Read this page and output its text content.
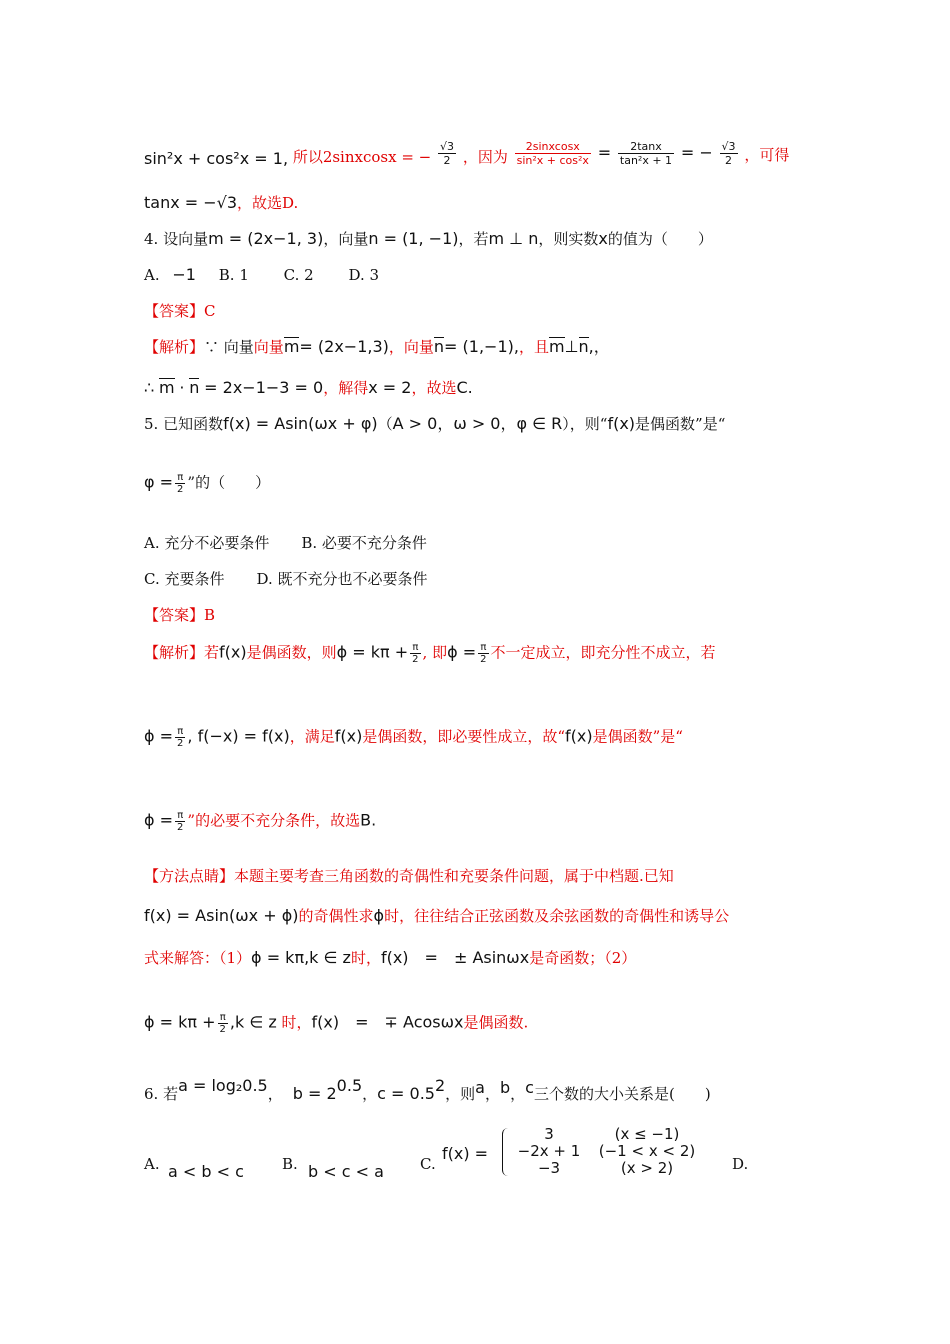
sin²x + cos²x = 1, 所以2sinxcosx = − $\frac{√3}{2}$ ，因为 $\frac{\text{2sinxcosx}}{\text{sin²x + cos²x}} = \frac{2\tan x}{\text{tan²x + 1}}$ = − $\frac{√3}{2}$ ，可得
tanx = −√3，故选D.
4. 设向量m = (2x−1, 3)，向量n = (1, −1)，若m ⊥ n，则实数x的值为（　　）
A. −1 B. 1 C. 2 D. 3
【答案】C
【解析】∵ 向量向量m= (2x−1,3)，向量n= (1,−1),，且m⊥n,，
∴ m · n = 2x−1−3 = 0，解得x = 2，故选C.
5. 已知函数f(x) = Asin(ωx + φ)（A > 0，ω > 0，φ ∈ R），则“f(x)是偶函数”是“
$\varphi = \frac{\pi}{2}$ ”的（　　）
A. 充分不必要条件 B. 必要不充分条件
C. 充要条件 D. 既不充分也不必要条件
【答案】B
【解析】若f(x)是偶函数，则$\phi = k\pi + \frac{\pi}{2}$ , 即$\phi = \frac{\pi}{2}$ 不一定成立，即充分性不成立，若
$\phi = \frac{\pi}{2}$ , f(−x) = f(x)，满足f(x)是偶函数，即必要性成立，故“f(x)是偶函数”是“
$\phi = \frac{\pi}{2}$ ”的必要不充分条件，故选B.
【方法点睛】本题主要考查三角函数的奇偶性和充要条件问题，属于中档题.已知
f(x) = Asin(ωx + ϕ)的奇偶性求ϕ时，往往结合正弦函数及余弦函数的奇偶性和诱导公
式来解答：（1）ϕ = kπ,k ∈ z时，f(x)　=　± Asinωx是奇函数；（2）
$\phi = k\pi + \frac{\pi}{2} ,k$ ∈ z 时，f(x)　=　∓ Acosωx是偶函数.
6. 若a = log₂0.5， $b = 2^{0.5}$，$c = 0.5^2$，则a，b，c三个数的大小关系是(　　)
A. a < b < c	B. b < c < a C.	D.
f(x) =
3	(x ≤ −1)
−2x + 1	(−1 < x < 2)
−3	(x > 2)
